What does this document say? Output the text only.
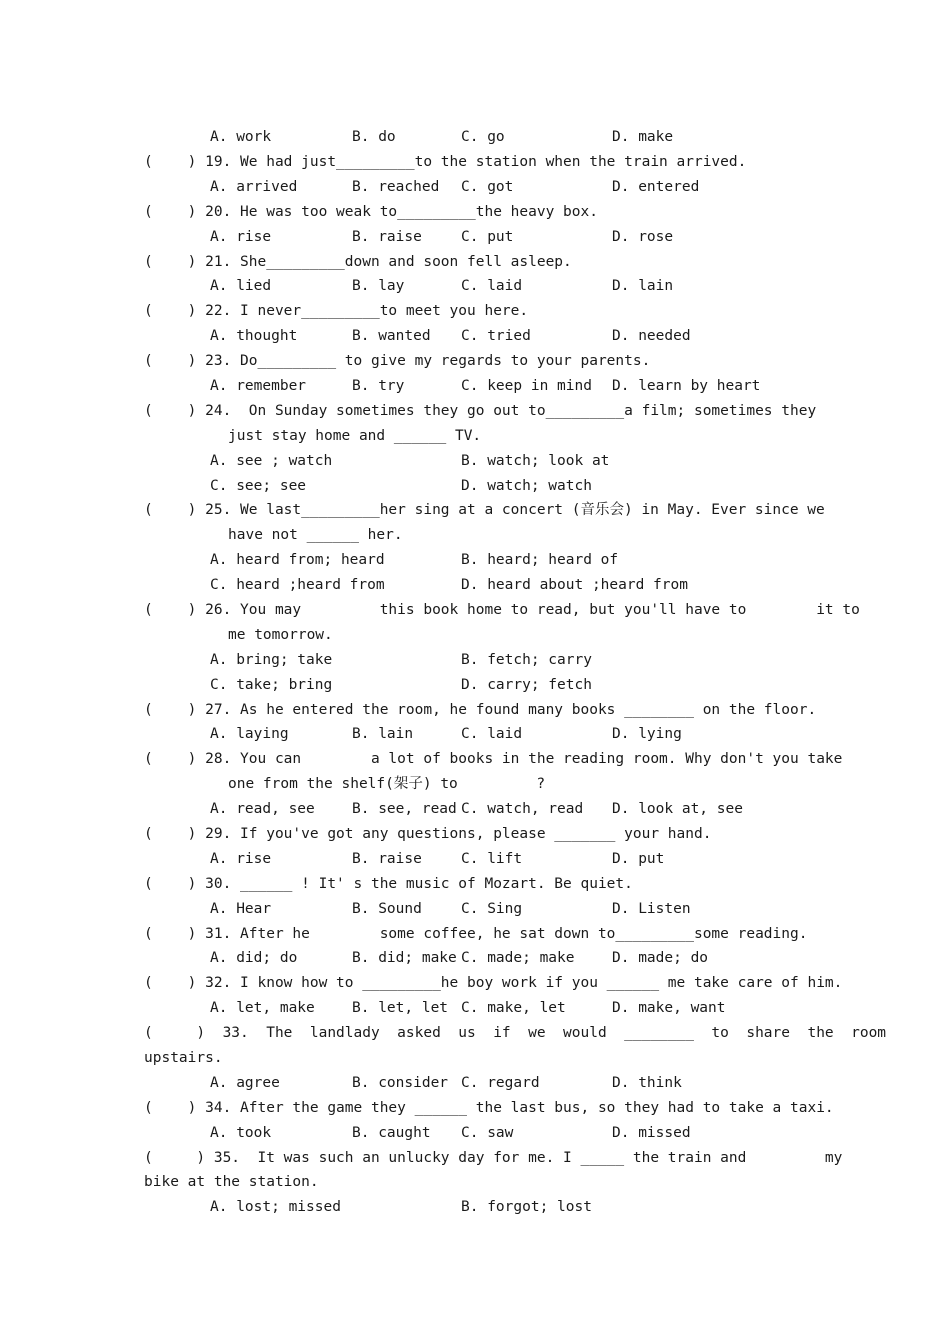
A. work	B. do	C. go	D. make
(    ) 19. We had just_________to the station when the train arrived.
A. arrived	B. reached C. got	D. entered
(    ) 20. He was too weak to_________the heavy box.
A. rise	B. raise	C. put	D. rose
(    ) 21. She_________down and soon fell asleep.
A. lied	B. lay	C. laid	D. lain
(    ) 22. I never_________to meet you here.
A. thought	B. wanted C. tried	D. needed
(    ) 23. Do_________ to give my regards to your parents.
A. remember	B. try	C. keep in mind D. learn by heart
(    ) 24.  On Sunday sometimes they go out to_________a film; sometimes they
just stay home and ______ TV.
A. see ; watch	B. watch; look at
C. see; see	D. watch; watch
(    ) 25. We last_________her sing at a concert (音乐会) in May. Ever since we
have not ______ her.
A. heard from; heard	B. heard; heard of
C. heard ;heard from	D. heard about ;heard from
(    ) 26. You may         this book home to read, but you'll have to        it to
me tomorrow.
A. bring; take	B. fetch; carry
C. take; bring	D. carry; fetch
(    ) 27. As he entered the room, he found many books ________ on the floor.
A. laying	B. lain	C. laid	D. lying
(    ) 28. You can        a lot of books in the reading room. Why don't you take
one from the shelf(架子) to         ?
A. read, see	B. see, read C. watch, read D. look at, see
(    ) 29. If you've got any questions, please _______ your hand.
A. rise	B. raise	C. lift	D. put
(    ) 30. ______ ! It' s the music of Mozart. Be quiet.
A. Hear	B. Sound	C. Sing	D. Listen
(    ) 31. After he        some coffee, he sat down to_________some reading.
A. did; do	B. did; make C. made; make	D. made; do
(    ) 32. I know how to _________he boy work if you ______ me take care of him.
A. let, make	B. let, let C. make, let	D. make, want
(     )  33.  The  landlady  asked  us  if  we  would  ________  to  share  the  room
upstairs.
A. agree	B. consider C. regard	D. think
(    ) 34. After the game they ______ the last bus, so they had to take a taxi.
A. took	B. caught C. saw	D. missed
(     ) 35.  It was such an unlucky day for me. I _____ the train and         my
bike at the station.
A. lost; missed	B. forgot; lost
